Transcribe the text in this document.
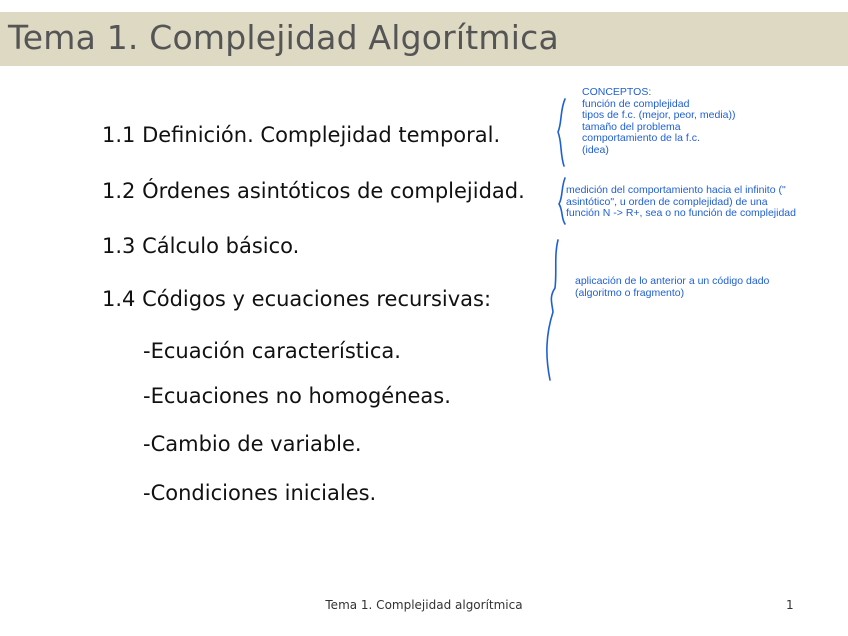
Tema 1. Complejidad Algorítmica
1.1 Definición. Complejidad temporal.
1.2 Órdenes asintóticos de complejidad.
1.3 Cálculo básico.
1.4 Códigos y ecuaciones recursivas:
-Ecuación característica.
-Ecuaciones no homogéneas.
-Cambio de variable.
-Condiciones iniciales.
CONCEPTOS:
función de complejidad
tipos de f.c. (mejor, peor, media))
tamaño del problema
comportamiento de la f.c.
(idea)
medición del comportamiento hacia el infinito ("
asintótico", u orden de complejidad) de una
función N -> R+, sea o no función de complejidad
aplicación de lo anterior a un código dado
(algoritmo o fragmento)
Tema 1. Complejidad algorítmica	1
